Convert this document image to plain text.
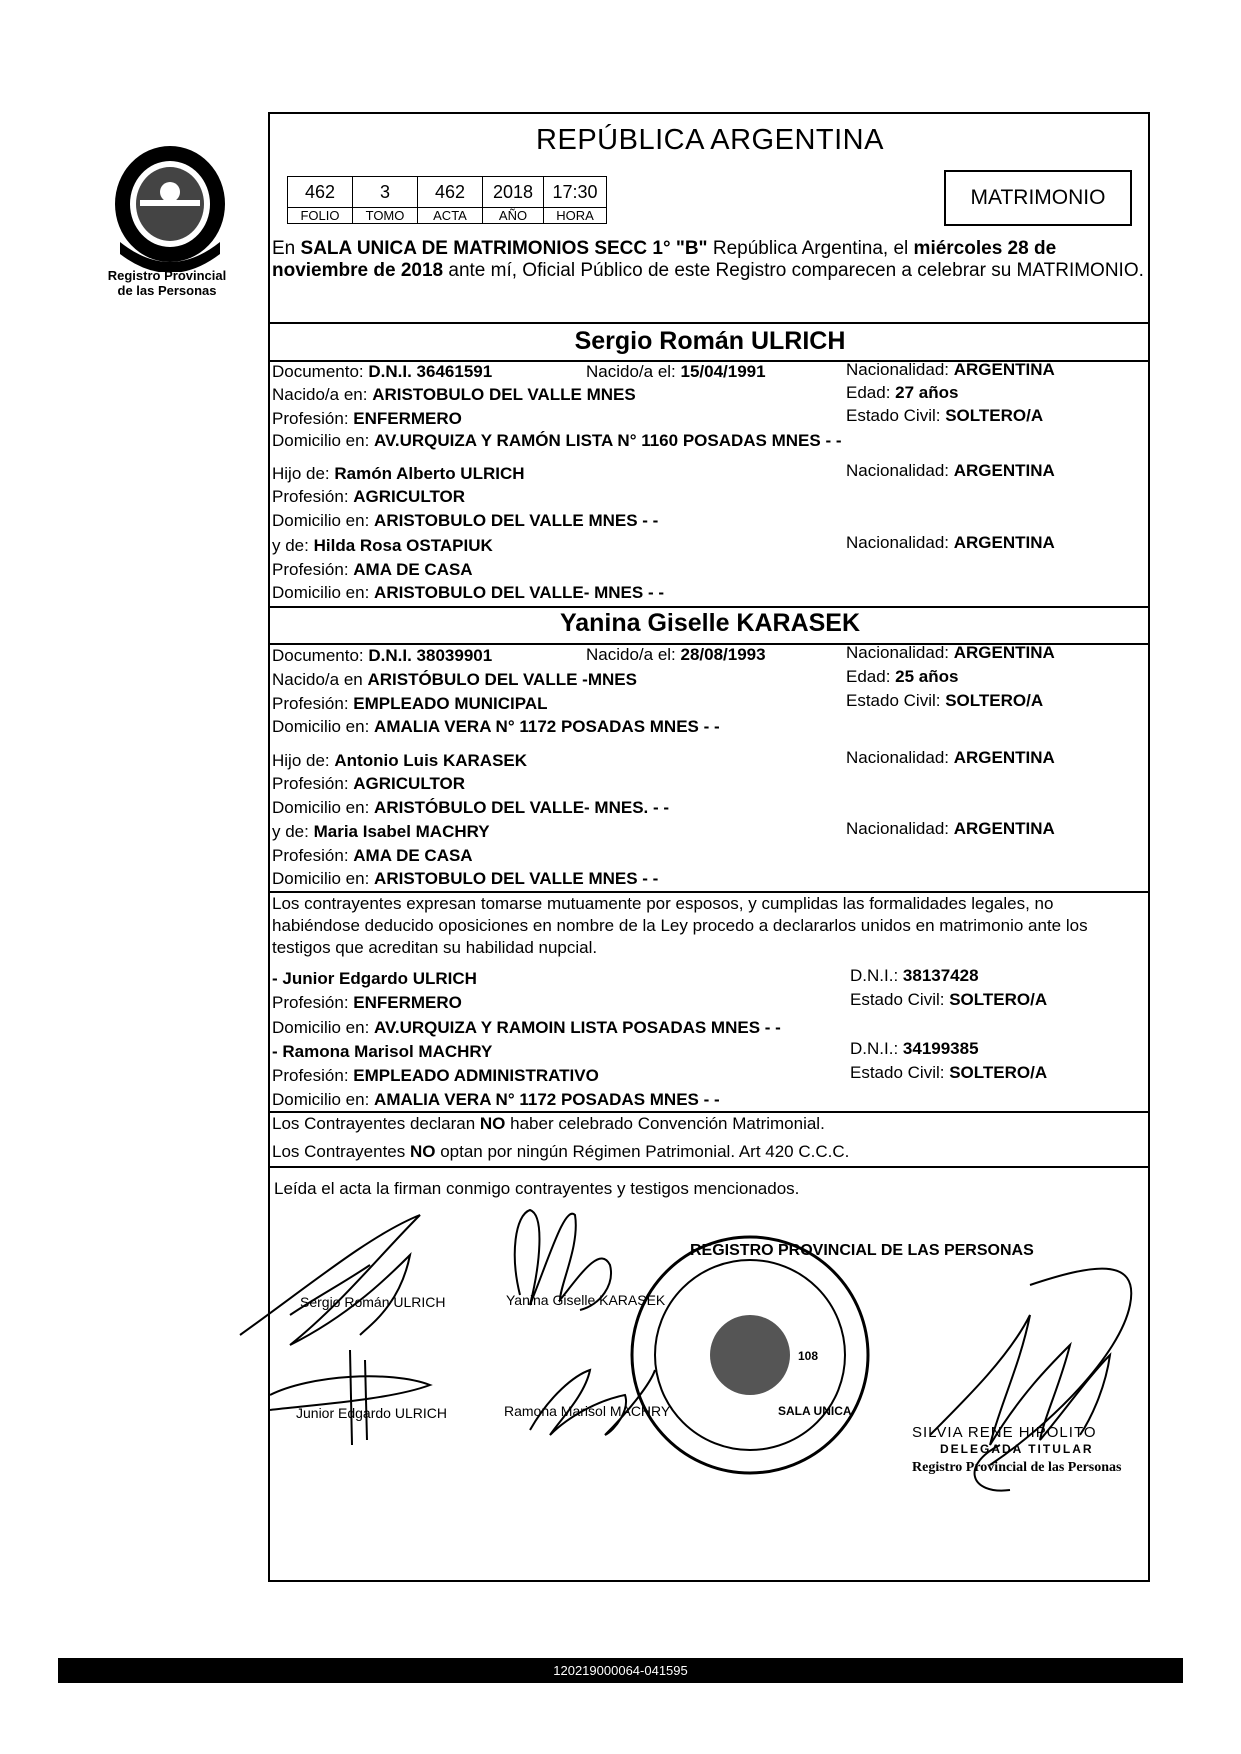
Registro Provincial
de las Personas
REPÚBLICA ARGENTINA
462	3	462	2018	17:30
FOLIO	TOMO	ACTA	AÑO	HORA
MATRIMONIO
En SALA UNICA DE MATRIMONIOS SECC 1° "B" República Argentina, el miércoles 28 de noviembre de 2018 ante mí, Oficial Público de este Registro comparecen a celebrar su MATRIMONIO.
Sergio Román ULRICH
Documento: D.N.I. 36461591	Nacido/a el: 15/04/1991	Nacionalidad: ARGENTINA
Nacido/a en: ARISTOBULO DEL VALLE MNES	Edad: 27 años
Profesión: ENFERMERO	Estado Civil: SOLTERO/A
Domicilio en: AV.URQUIZA Y RAMÓN LISTA N° 1160 POSADAS MNES - -
Hijo de: Ramón Alberto ULRICH	Nacionalidad: ARGENTINA
Profesión: AGRICULTOR
Domicilio en: ARISTOBULO DEL VALLE MNES - -
y de: Hilda Rosa OSTAPIUK	Nacionalidad: ARGENTINA
Profesión: AMA DE CASA
Domicilio en: ARISTOBULO DEL VALLE- MNES - -
Yanina Giselle KARASEK
Documento: D.N.I. 38039901	Nacido/a el: 28/08/1993	Nacionalidad: ARGENTINA
Nacido/a en ARISTÓBULO DEL VALLE -MNES	Edad: 25 años
Profesión: EMPLEADO MUNICIPAL	Estado Civil: SOLTERO/A
Domicilio en: AMALIA VERA N° 1172 POSADAS MNES - -
Hijo de: Antonio Luis KARASEK	Nacionalidad: ARGENTINA
Profesión: AGRICULTOR
Domicilio en: ARISTÓBULO DEL VALLE- MNES. - -
y de: Maria Isabel MACHRY	Nacionalidad: ARGENTINA
Profesión: AMA DE CASA
Domicilio en: ARISTOBULO DEL VALLE MNES - -
Los contrayentes expresan tomarse mutuamente por esposos, y cumplidas las formalidades legales, no habiéndose deducido oposiciones en nombre de la Ley procedo a declararlos unidos en matrimonio ante los testigos que acreditan su habilidad nupcial.
- Junior Edgardo ULRICH	D.N.I.: 38137428
Profesión: ENFERMERO	Estado Civil: SOLTERO/A
Domicilio en: AV.URQUIZA Y RAMOIN LISTA POSADAS MNES - -
- Ramona Marisol MACHRY	D.N.I.: 34199385
Profesión: EMPLEADO ADMINISTRATIVO	Estado Civil: SOLTERO/A
Domicilio en: AMALIA VERA N° 1172 POSADAS MNES - -
Los Contrayentes declaran NO haber celebrado Convención Matrimonial.
Los Contrayentes NO optan por ningún Régimen Patrimonial. Art 420 C.C.C.
Leída el acta la firman conmigo contrayentes y testigos mencionados.
REGISTRO PROVINCIAL DE LAS PERSONAS
SALA UNICA
108
Sergio Román ULRICH	Yanina Giselle KARASEK
Junior Edgardo ULRICH	Ramona Marisol MACHRY
SILVIA RENE HIPOLITO
DELEGADA TITULAR
Registro Provincial de las Personas
120219000064-041595
